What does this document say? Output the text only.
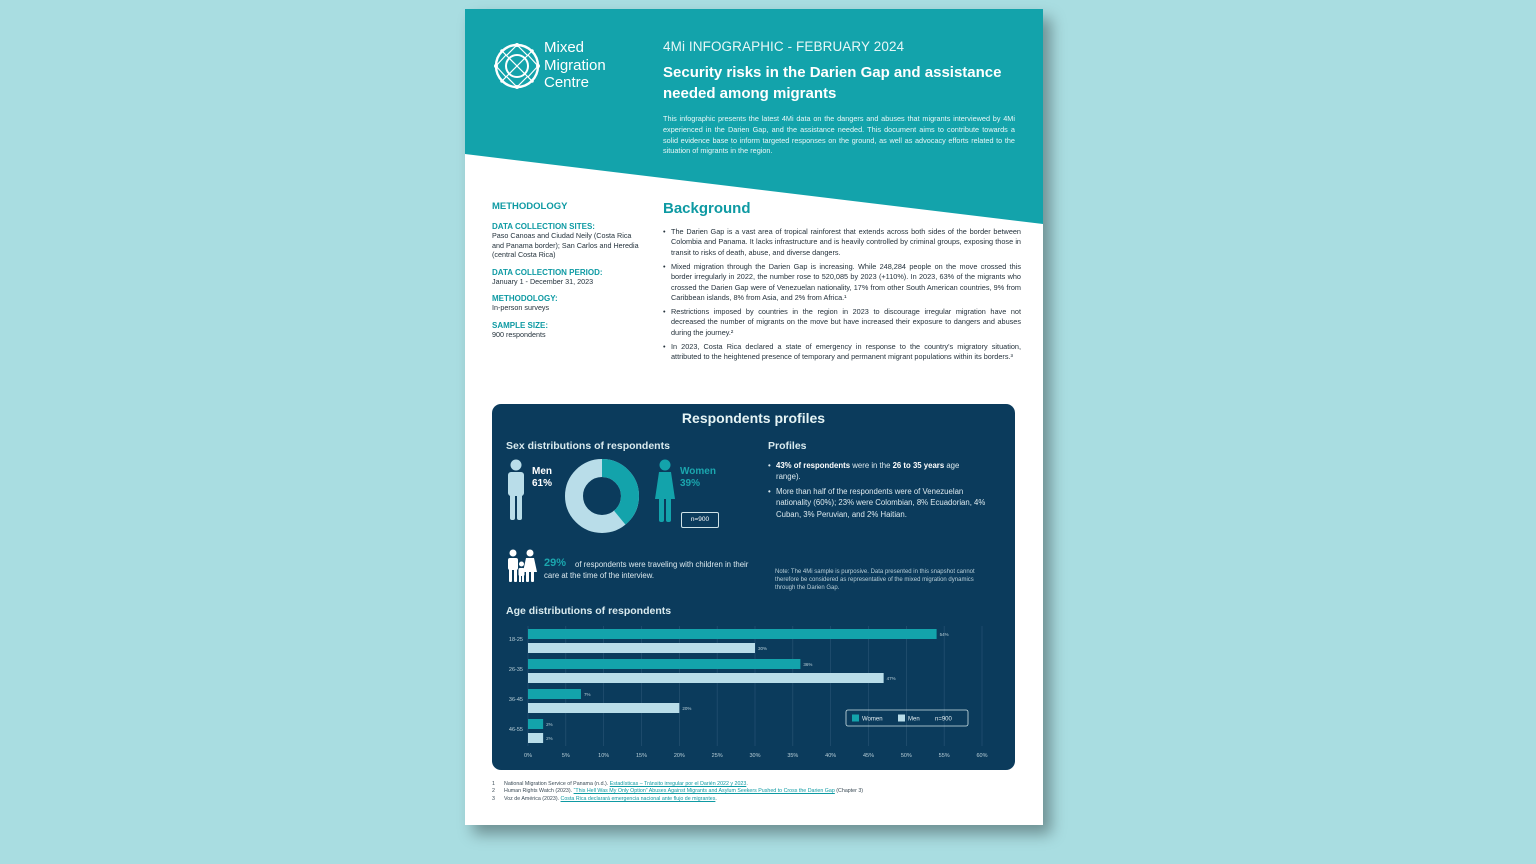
Mixed
Migration
Centre
4Mi INFOGRAPHIC - FEBRUARY 2024
Security risks in the Darien Gap and assistance needed among migrants
This infographic presents the latest 4Mi data on the dangers and abuses that migrants interviewed by 4Mi experienced in the Darien Gap, and the assistance needed. This document aims to contribute towards a solid evidence base to inform targeted responses on the ground, as well as advocacy efforts related to the situation of migrants in the region.
METHODOLOGY
DATA COLLECTION SITES:
Paso Canoas and Ciudad Neily (Costa Rica and Panama border); San Carlos and Heredia (central Costa Rica)
DATA COLLECTION PERIOD:
January 1 - December 31, 2023
METHODOLOGY:
In-person surveys
SAMPLE SIZE:
900 respondents
Background
• The Darien Gap is a vast area of tropical rainforest that extends across both sides of the border between Colombia and Panama. It lacks infrastructure and is heavily controlled by criminal groups, exposing those in transit to risks of death, abuse, and diverse dangers.
• Mixed migration through the Darien Gap is increasing. While 248,284 people on the move crossed this border irregularly in 2022, the number rose to 520,085 by 2023 (+110%). In 2023, 63% of the migrants who crossed the Darien Gap were of Venezuelan nationality, 17% from other South American countries, 9% from Caribbean islands, 8% from Asia, and 2% from Africa.¹
• Restrictions imposed by countries in the region in 2023 to discourage irregular migration have not decreased the number of migrants on the move but have increased their exposure to dangers and abuses during the journey.²
• In 2023, Costa Rica declared a state of emergency in response to the country's migratory situation, attributed to the heightened presence of temporary and permanent migrant populations within its borders.³
Respondents profiles
Sex distributions of respondents
Men
61%
Women
39%
n=900
Profiles
• 43% of respondents were in the 26 to 35 years age range).
• More than half of the respondents were of Venezuelan nationality (60%); 23% were Colombian, 8% Ecuadorian, 4% Cuban, 3% Peruvian, and 2% Haitian.
of respondents were traveling with children in their care at the time of the interview.
29%
Note: The 4Mi sample is purposive. Data presented in this snapshot cannot therefore be considered as representative of the mixed migration dynamics through the Darien Gap.
Age distributions of respondents
0%	5%	10%	15%	20%	25%	30%	35%	40%	45%	50%	55%	60%
18-25
54%
30%
26-35
36%
47%
36-45
7%
20%
46-55
2%
2%
Women	Men	n=900
1 National Migration Service of Panama (n.d.). Estadísticas – Tránsito irregular por el Darién 2022 y 2023.
2 Human Rights Watch (2023). “This Hell Was My Only Option” Abuses Against Migrants and Asylum Seekers Pushed to Cross the Darien Gap (Chapter 3)
3 Voz de América (2023). Costa Rica declarará emergencia nacional ante flujo de migrantes.
